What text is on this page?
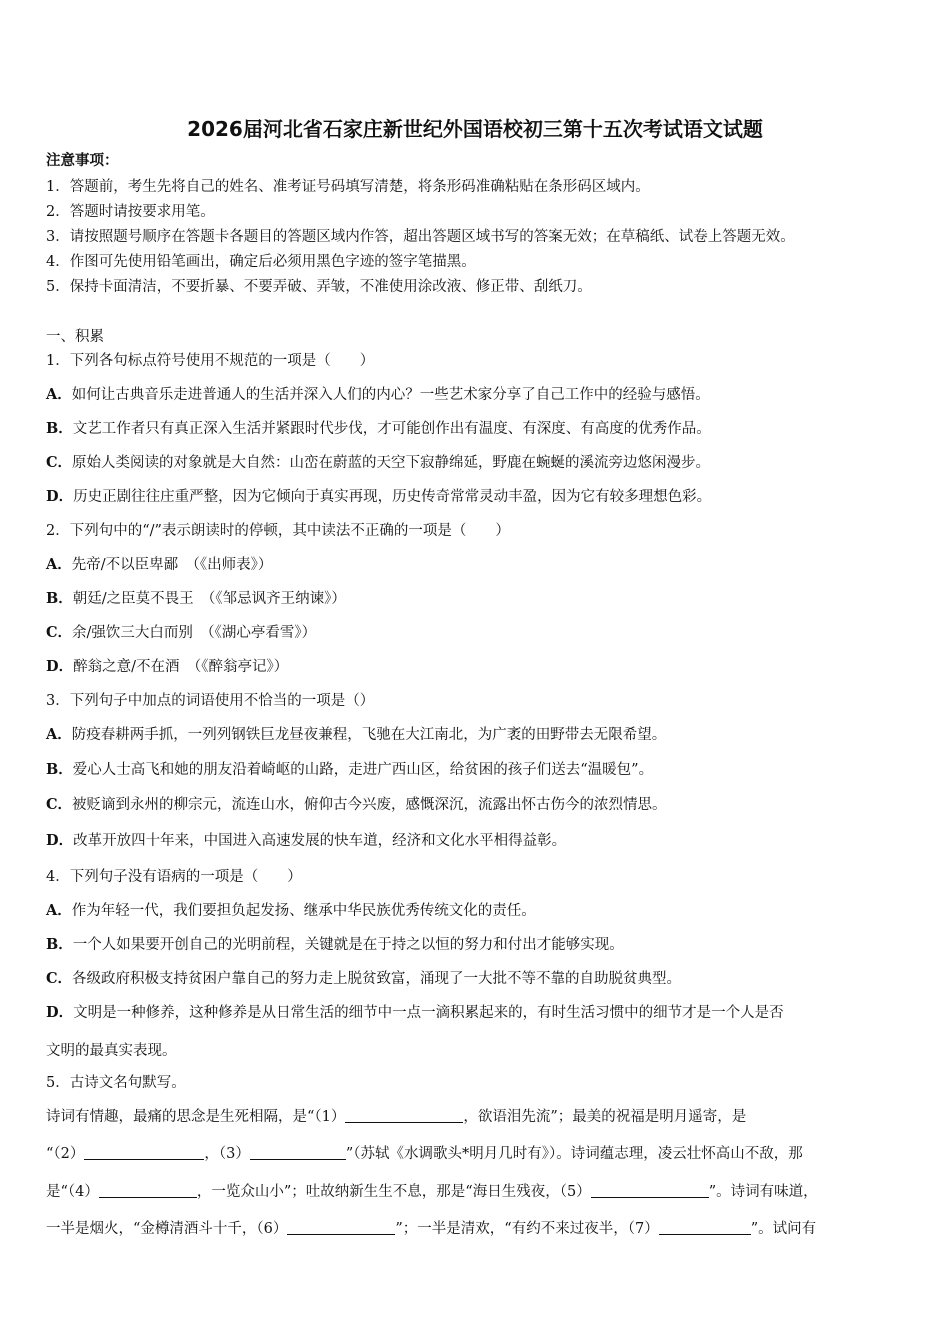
2026届河北省石家庄新世纪外国语校初三第十五次考试语文试题
注意事项：
1．答题前，考生先将自己的姓名、准考证号码填写清楚，将条形码准确粘贴在条形码区域内。
2．答题时请按要求用笔。
3．请按照题号顺序在答题卡各题目的答题区域内作答，超出答题区域书写的答案无效；在草稿纸、试卷上答题无效。
4．作图可先使用铅笔画出，确定后必须用黑色字迹的签字笔描黑。
5．保持卡面清洁，不要折暴、不要弄破、弄皱，不准使用涂改液、修正带、刮纸刀。
一、积累
1．下列各句标点符号使用不规范的一项是（　　）
A．如何让古典音乐走进普通人的生活并深入人们的内心？一些艺术家分享了自己工作中的经验与感悟。
B．文艺工作者只有真正深入生活并紧跟时代步伐，才可能创作出有温度、有深度、有高度的优秀作品。
C．原始人类阅读的对象就是大自然：山峦在蔚蓝的天空下寂静绵延，野鹿在蜿蜒的溪流旁边悠闲漫步。
D．历史正剧往往庄重严整，因为它倾向于真实再现，历史传奇常常灵动丰盈，因为它有较多理想色彩。
2．下列句中的“/”表示朗读时的停顿，其中读法不正确的一项是（　　）
A．先帝/不以臣卑鄙　（《出师表》）
B．朝廷/之臣莫不畏王　（《邹忌讽齐王纳谏》）
C．余/强饮三大白而别　（《湖心亭看雪》）
D．醉翁之意/不在酒　（《醉翁亭记》）
3．下列句子中加点的词语使用不恰当的一项是（）
A．防疫春耕两手抓，一列列钢铁巨龙昼夜兼程，飞驰在大江南北，为广袤的田野带去无限希望。
B．爱心人士高飞和她的朋友沿着崎岖的山路，走进广西山区，给贫困的孩子们送去“温暖包”。
C．被贬谪到永州的柳宗元，流连山水，俯仰古今兴废，感慨深沉，流露出怀古伤今的浓烈情思。
D．改革开放四十年来，中国进入高速发展的快车道，经济和文化水平相得益彰。
4．下列句子没有语病的一项是（　　）
A．作为年轻一代，我们要担负起发扬、继承中华民族优秀传统文化的责任。
B．一个人如果要开创自己的光明前程，关键就是在于持之以恒的努力和付出才能够实现。
C．各级政府积极支持贫困户靠自己的努力走上脱贫致富，涌现了一大批不等不靠的自助脱贫典型。
D．文明是一种修养，这种修养是从日常生活的细节中一点一滴积累起来的，有时生活习惯中的细节才是一个人是否
文明的最真实表现。
5．古诗文名句默写。
诗词有情趣，最痛的思念是生死相隔，是“（1）	，欲语泪先流”；最美的祝福是明月遥寄，是
“（2）	，（3）	”（苏轼《水调歌头*明月几时有》）。诗词蕴志理，凌云壮怀高山不敌，那
是“（4）	，一览众山小”；吐故纳新生生不息，那是“海日生残夜，（5）	”。诗词有味道，
一半是烟火，“金樽清酒斗十千，（6）	”；一半是清欢，“有约不来过夜半，（7）	”。试问有
